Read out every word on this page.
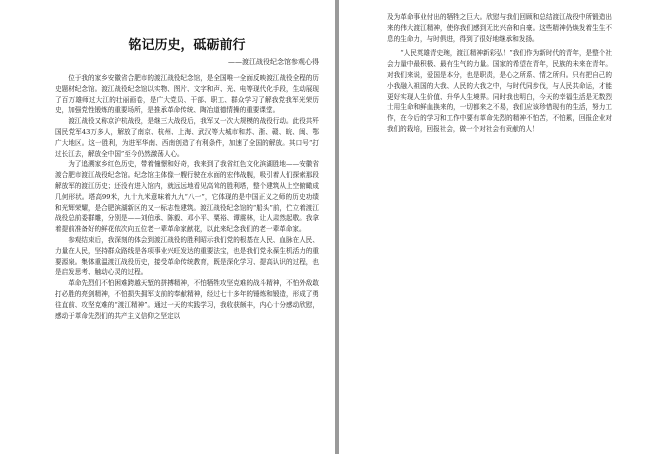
铭记历史，砥砺前行
——渡江战役纪念馆参观心得

位于我的家乡安徽省合肥市的渡江战役纪念馆，是全国唯一全面反映渡江战役全程的历史题材纪念馆。渡江战役纪念馆以实物、图片、文字和声、光、电等现代化手段，生动展现了百万雄师过大江的壮丽画卷，是广大党员、干部、职工、群众学习了解我党我军光荣历史，加强党性锻炼的重要场所，是推承革命传统、陶冶道德情操的重要课堂。

渡江战役又称京沪杭战役，是继三大战役后，我军又一次大规模的战役行动。此役共歼国民党军43万多人，解放了南京、杭州、上海、武汉等大城市和苏、浙、赣、皖、闽、鄂广大地区。这一胜利，为进军华南、西南创造了有利条件，加速了全国的解放。其口号“打过长江去，解放全中国”至今仍然激荡人心。

为了追溯家乡红色历史，带着憧憬和好奇，我来到了我省红色文化滨湖胜地——安徽省渡合肥市渡江战役纪念馆。纪念馆主体像一艘行驶在水面的宏伟战舰，吸引着人们探索那段解放军的渡江历史；还没有进入馆内，就远远地看见高耸的胜利塔，整个建筑从上空俯瞰成几何形状。塔高99米，九十九米意味着九九“八一”，它体现的是中国正义之师的历史功绩和光辉荣耀，是合肥滨湖新区的又一标志性建筑。渡江战役纪念馆的“船头”前，伫立着渡江战役总前委群雕，分别是——刘伯承、陈毅、邓小平、粟裕、谭震林，让人肃然起敬。我拿着提前准备好的鲜花依次向五位老一辈革命家献花，以此来纪念我们的老一辈革命家。

参观结束后，我深刻的体会到渡江战役的胜利昭示我们党的根基在人民、血脉在人民、力量在人民，坚持群众路线是各项事业兴旺发达的重要法宝，也是我们党永葆生机活力的重要源泉。集体重温渡江战役历史，接受革命传统教育，既是深化学习、提高认识的过程，也是启发思考、触动心灵的过程。

革命先烈们不怕困难跨越天堑的拼搏精神，不怕牺牲攻坚克难的战斗精神，不怕外敌敢打必胜的亮剑精神，不怕损失拥军支前的奉献精神，经过七十多年的锤炼和锻造，形成了勇往直前、攻坚克难的“渡江精神”。通过一天的实践学习，我收获颇丰，内心十分感动欣慰，感动于革命先烈们的共产主义信仰之坚定以

及为革命事业付出的牺牲之巨大。欣慰与我们回顾和总结渡江战役中所锻造出来的伟大渡江精神，使你我们感到无比兴奋和自豪。这些精神仍焕发着生生不息的生命力，与时俱进，得到了很好地继承和发扬。

“人民英雄青史琬，渡江精神新彩弘！”我们作为新时代的青年，是整个社会力量中最积极、最有生气的力量。国家的希望在青年，民族的未来在青年。对我们来说，爱国是本分，也是职责，是心之所系、情之所归。只有把自己的小我融入祖国的大我、人民的大我之中，与时代同步伐，与人民共命运，才能更好实现人生价值、升华人生境界。同时我也明白，今天的幸福生活是无数烈士用生命和鲜血换来的，一切都来之不易，我们应该珍惜现有的生活，努力工作，在今后的学习和工作中要有革命先烈的精神不怕苦，不怕累，回报企业对我们的栽培，回报社会，做一个对社会有贡献的人！
